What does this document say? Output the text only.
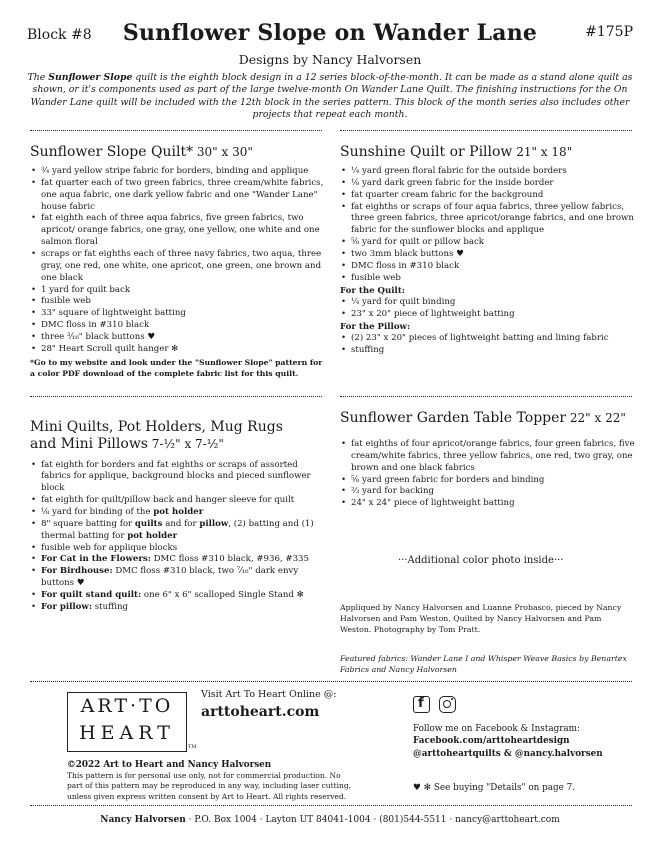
Block #8	Sunflower Slope on Wander Lane	#175P
Designs by Nancy Halvorsen
The Sunflower Slope quilt is the eighth block design in a 12 series block-of-the-month. It can be made as a stand alone quilt as shown, or it's components used as part of the large twelve-month On Wander Lane Quilt. The finishing instructions for the On Wander Lane quilt will be included with the 12th block in the series pattern. This block of the month series also includes other projects that repeat each month.
Sunflower Slope Quilt* 30" x 30"
• ¾ yard yellow stripe fabric for borders, binding and applique
• fat quarter each of two green fabrics, three cream/white fabrics, one aqua fabric, one dark yellow fabric and one "Wander Lane" house fabric
• fat eighth each of three aqua fabrics, five green fabrics, two apricot/ orange fabrics, one gray, one yellow, one white and one salmon floral
• scraps or fat eighths each of three navy fabrics, two aqua, three gray, one red, one white, one apricot, one green, one brown and one black
• 1 yard for quilt back
• fusible web
• 33" square of lightweight batting
• DMC floss in #310 black
• three ³⁄₁₆" black buttons ♥
• 28" Heart Scroll quilt hanger ✻
*Go to my website and look under the "Sunflower Slope" pattern for a color PDF download of the complete fabric list for this quilt.
Mini Quilts, Pot Holders, Mug Rugs
and Mini Pillows 7-½" x 7-½"
• fat eighth for borders and fat eighths or scraps of assorted fabrics for applique, background blocks and pieced sunflower block
• fat eighth for quilt/pillow back and hanger sleeve for quilt
• ⅛ yard for binding of the pot holder
• 8" square batting for quilts and for pillow, (2) batting and (1) thermal batting for pot holder
• fusible web for applique blocks
• For Cat in the Flowers: DMC floss #310 black, #936, #335
• For Birdhouse: DMC floss #310 black, two ⁷⁄₁₆" dark envy buttons ♥
• For quilt stand quilt: one 6" x 6" scalloped Single Stand ✻
• For pillow: stuffing
Sunshine Quilt or Pillow 21" x 18"
• ¼ yard green floral fabric for the outside borders
• ⅛ yard dark green fabric for the inside border
• fat quarter cream fabric for the background
• fat eighths or scraps of four aqua fabrics, three yellow fabrics, three green fabrics, three apricot/orange fabrics, and one brown fabric for the sunflower blocks and applique
• ⅝ yard for quilt or pillow back
• two 3mm black buttons ♥
• DMC floss in #310 black
• fusible web
For the Quilt:
• ¼ yard for quilt binding
• 23" x 20" piece of lightweight batting
For the Pillow:
• (2) 23" x 20" pieces of lightweight batting and lining fabric
• stuffing
Sunflower Garden Table Topper 22" x 22"
• fat eighths of four apricot/orange fabrics, four green fabrics, five cream/white fabrics, three yellow fabrics, one red, two gray, one brown and one black fabrics
• ⅝ yard green fabric for borders and binding
• ⅔ yard for backing
• 24" x 24" piece of lightweight batting
···Additional color photo inside···
Appliqued by Nancy Halvorsen and Luanne Probasco, pieced by Nancy Halvorsen and Pam Weston, Quilted by Nancy Halvorsen and Pam Weston. Photography by Tom Pratt.
Featured fabrics: Wander Lane I and Whisper Weave Basics by Benartex Fabrics and Nancy Halvorsen
ART·TO
HEART
TM
Visit Art To Heart Online @:
arttoheart.com
©2022 Art to Heart and Nancy Halvorsen
This pattern is for personal use only, not for commercial production. No part of this pattern may be reproduced in any way, including laser cutting, unless given express written consent by Art to Heart. All rights reserved.
f

Follow me on Facebook & Instagram:
Facebook.com/arttoheartdesign
@arttoheartquilts & @nancy.halvorsen
♥ ✻ See buying "Details" on page 7.
Nancy Halvorsen · P.O. Box 1004 · Layton UT 84041-1004 · (801)544-5511 · nancy@arttoheart.com
